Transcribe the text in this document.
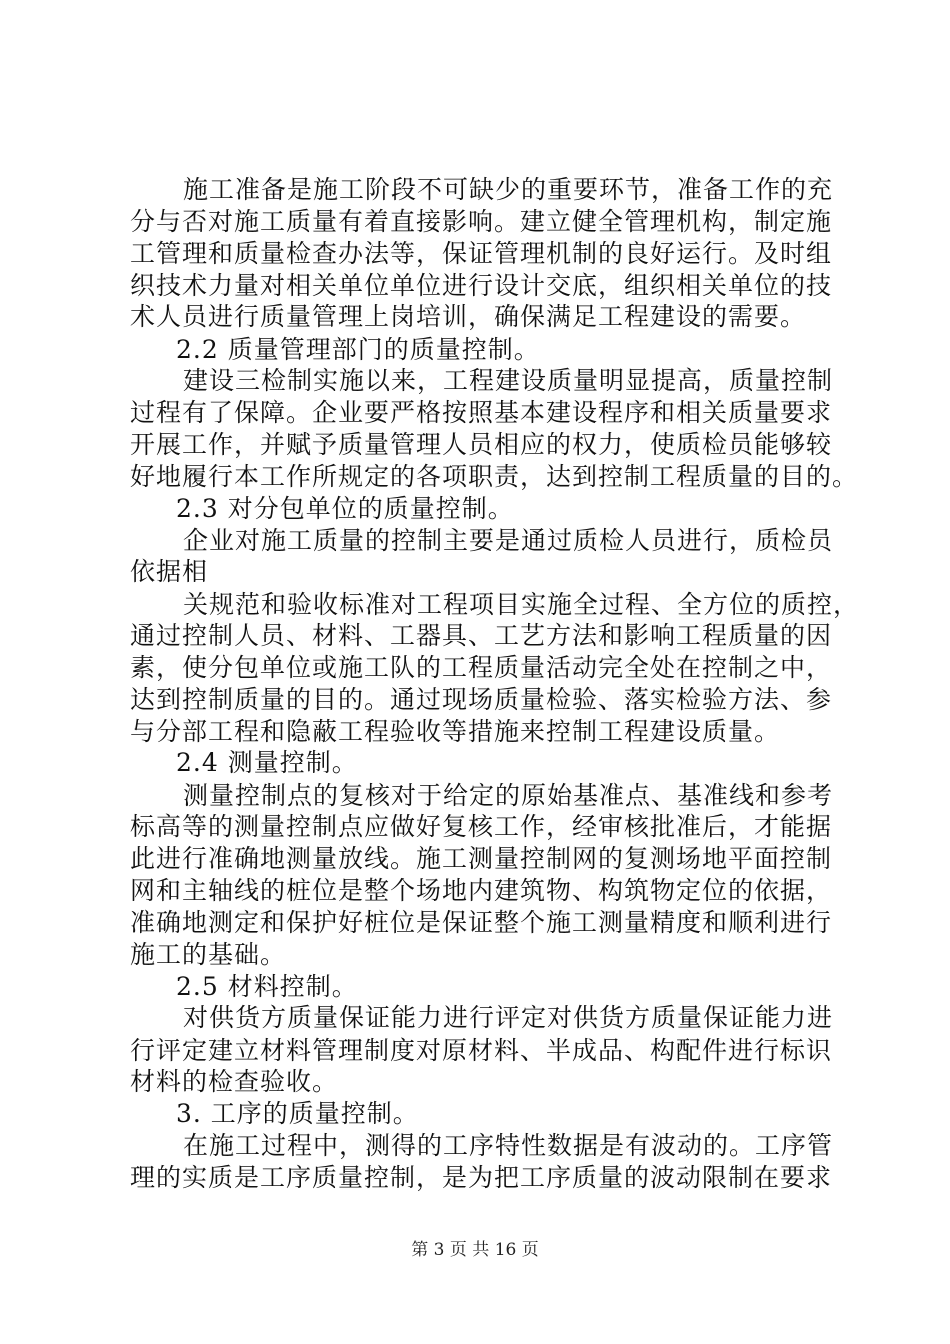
施工准备是施工阶段不可缺少的重要环节，准备工作的充
分与否对施工质量有着直接影响。建立健全管理机构，制定施
工管理和质量检查办法等，保证管理机制的良好运行。及时组
织技术力量对相关单位单位进行设计交底，组织相关单位的技
术人员进行质量管理上岗培训，确保满足工程建设的需要。
2.2 质量管理部门的质量控制。
建设三检制实施以来，工程建设质量明显提高，质量控制
过程有了保障。企业要严格按照基本建设程序和相关质量要求
开展工作，并赋予质量管理人员相应的权力，使质检员能够较
好地履行本工作所规定的各项职责，达到控制工程质量的目的。
2.3 对分包单位的质量控制。
企业对施工质量的控制主要是通过质检人员进行，质检员
依据相
关规范和验收标准对工程项目实施全过程、全方位的质控，
通过控制人员、材料、工器具、工艺方法和影响工程质量的因
素，使分包单位或施工队的工程质量活动完全处在控制之中，
达到控制质量的目的。通过现场质量检验、落实检验方法、参
与分部工程和隐蔽工程验收等措施来控制工程建设质量。
2.4 测量控制。
测量控制点的复核对于给定的原始基准点、基准线和参考
标高等的测量控制点应做好复核工作，经审核批准后，才能据
此进行准确地测量放线。施工测量控制网的复测场地平面控制
网和主轴线的桩位是整个场地内建筑物、构筑物定位的依据，
准确地测定和保护好桩位是保证整个施工测量精度和顺利进行
施工的基础。
2.5 材料控制。
对供货方质量保证能力进行评定对供货方质量保证能力进
行评定建立材料管理制度对原材料、半成品、构配件进行标识
材料的检查验收。
3. 工序的质量控制。
在施工过程中，测得的工序特性数据是有波动的。工序管
理的实质是工序质量控制，是为把工序质量的波动限制在要求
第 3 页 共 16 页
